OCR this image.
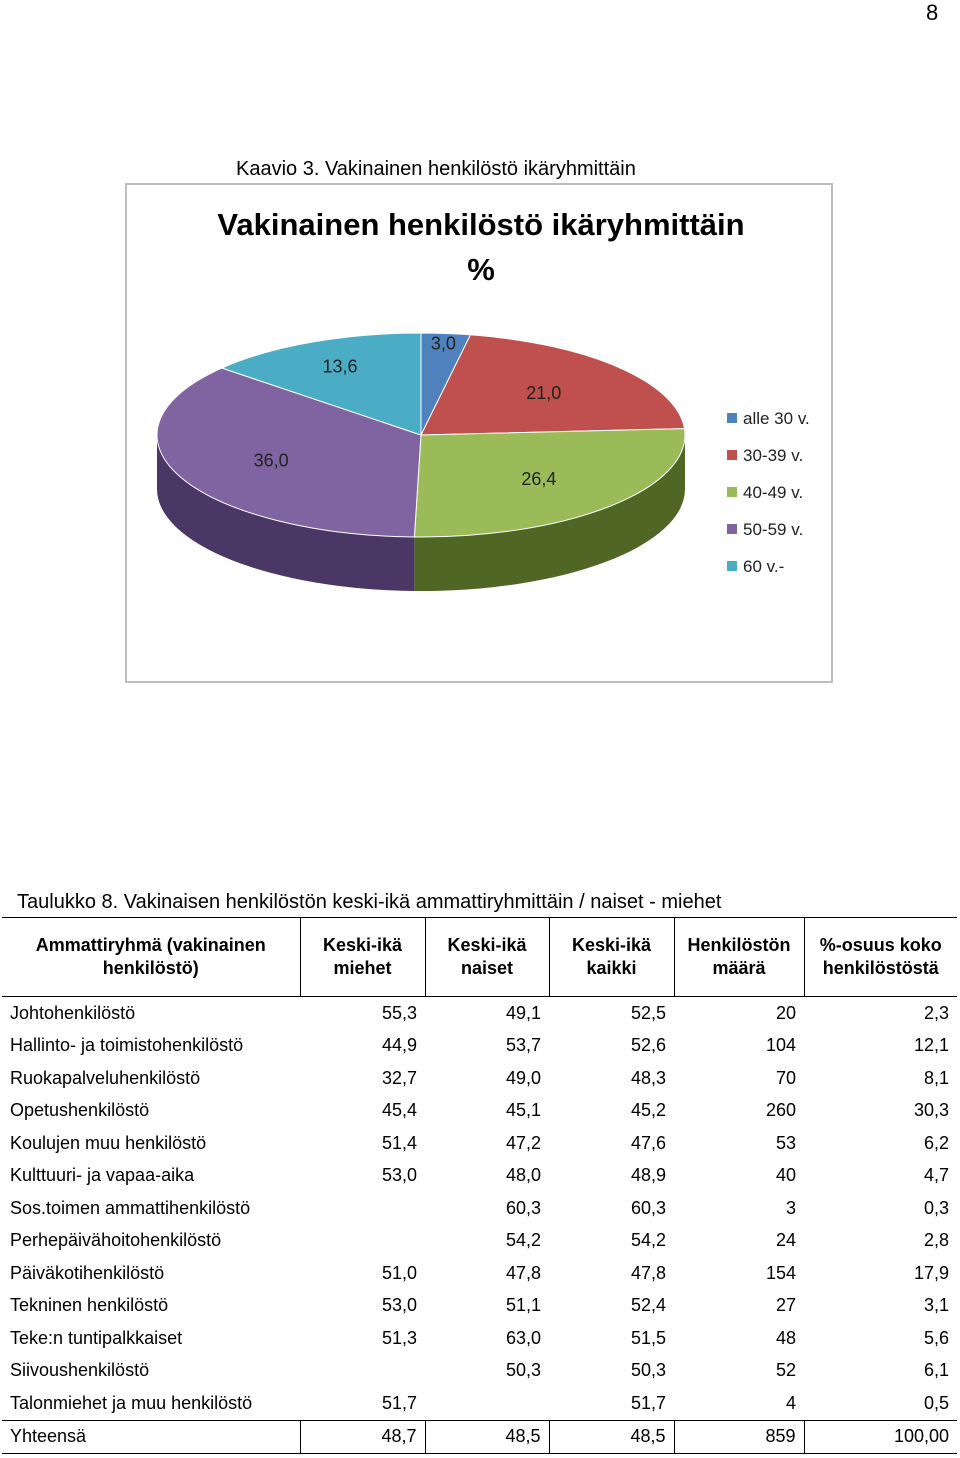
8
Kaavio 3. Vakinainen henkilöstö ikäryhmittäin
Vakinainen henkilöstö ikäryhmittäin
%
3,0
21,0
26,4
36,0
13,6
alle 30 v.
30-39 v.
40-49 v.
50-59 v.
60 v.-
Taulukko 8. Vakinaisen henkilöstön keski-ikä ammattiryhmittäin / naiset - miehet
Ammattiryhmä (vakinainen henkilöstö)	Keski-ikä miehet	Keski-ikä naiset	Keski-ikä kaikki	Henkilöstön määrä	%-osuus koko henkilöstöstä
Johtohenkilöstö	55,3	49,1	52,5	20	2,3
Hallinto- ja toimistohenkilöstö	44,9	53,7	52,6	104	12,1
Ruokapalveluhenkilöstö	32,7	49,0	48,3	70	8,1
Opetushenkilöstö	45,4	45,1	45,2	260	30,3
Koulujen muu henkilöstö	51,4	47,2	47,6	53	6,2
Kulttuuri- ja vapaa-aika	53,0	48,0	48,9	40	4,7
Sos.toimen ammattihenkilöstö		60,3	60,3	3	0,3
Perhepäivähoitohenkilöstö		54,2	54,2	24	2,8
Päiväkotihenkilöstö	51,0	47,8	47,8	154	17,9
Tekninen henkilöstö	53,0	51,1	52,4	27	3,1
Teke:n tuntipalkkaiset	51,3	63,0	51,5	48	5,6
Siivoushenkilöstö		50,3	50,3	52	6,1
Talonmiehet ja muu henkilöstö	51,7		51,7	4	0,5
Yhteensä	48,7	48,5	48,5	859	100,00
